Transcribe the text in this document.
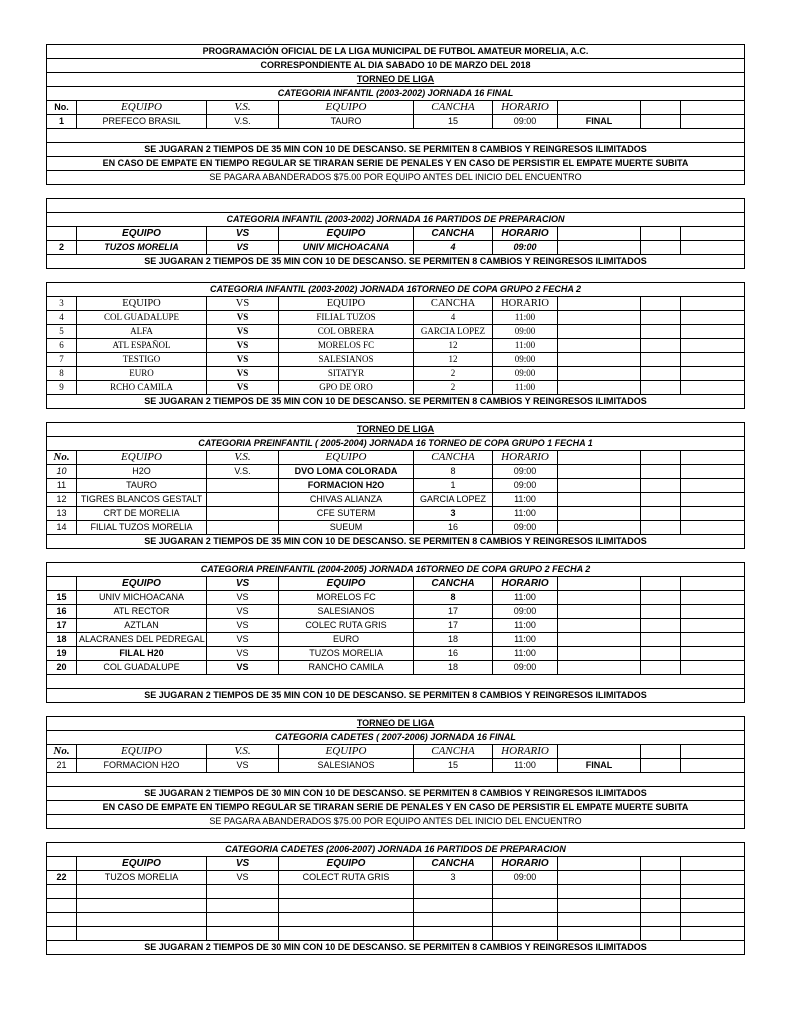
PROGRAMACIÓN OFICIAL DE LA LIGA MUNICIPAL DE FUTBOL AMATEUR MORELIA, A.C.								
CORRESPONDIENTE AL DIA SABADO 10 DE MARZO DEL 2018								
TORNEO DE LIGA								
CATEGORIA INFANTIL (2003-2002) JORNADA 16 FINAL								
No.	EQUIPO	V.S.	EQUIPO	CANCHA	HORARIO			
1	PREFECO BRASIL	V.S.	TAURO	15	09:00	FINAL		

SE JUGARAN 2 TIEMPOS DE 35 MIN CON 10 DE DESCANSO. SE PERMITEN 8 CAMBIOS Y REINGRESOS ILIMITADOS								
EN CASO DE EMPATE EN TIEMPO REGULAR SE TIRARAN SERIE DE PENALES Y EN CASO DE PERSISTIR EL EMPATE MUERTE SUBITA								
SE PAGARA ABANDERADOS $75.00 POR EQUIPO ANTES DEL INICIO DEL ENCUENTRO								

CATEGORIA INFANTIL (2003-2002) JORNADA 16 PARTIDOS DE PREPARACION								
	EQUIPO	VS	EQUIPO	CANCHA	HORARIO			
2	TUZOS MORELIA	VS	UNIV MICHOACANA	4	09:00			
SE JUGARAN 2 TIEMPOS DE 35 MIN CON 10 DE DESCANSO. SE PERMITEN 8 CAMBIOS Y REINGRESOS ILIMITADOS								

CATEGORIA INFANTIL (2003-2002) JORNADA 16TORNEO DE COPA GRUPO 2 FECHA 2								
3	EQUIPO	VS	EQUIPO	CANCHA	HORARIO			
4	COL GUADALUPE	VS	FILIAL TUZOS	4	11:00			
5	ALFA	VS	COL OBRERA	GARCIA LOPEZ	09:00			
6	ATL ESPAÑOL	VS	MORELOS FC	12	11:00			
7	TESTIGO	VS	SALESIANOS	12	09:00			
8	EURO	VS	SITATYR	2	09:00			
9	RCHO CAMILA	VS	GPO DE ORO	2	11:00			
SE JUGARAN 2 TIEMPOS DE 35 MIN CON 10 DE DESCANSO. SE PERMITEN 8 CAMBIOS Y REINGRESOS ILIMITADOS								

TORNEO DE LIGA								
CATEGORIA PREINFANTIL ( 2005-2004) JORNADA 16 TORNEO DE COPA GRUPO 1 FECHA 1								
No.	EQUIPO	V.S.	EQUIPO	CANCHA	HORARIO			
10	H2O	V.S.	DVO LOMA COLORADA	8	09:00			
11	TAURO		FORMACION H2O	1	09:00			
12	TIGRES BLANCOS GESTALT		CHIVAS ALIANZA	GARCIA LOPEZ	11:00			
13	CRT DE MORELIA		CFE SUTERM	3	11:00			
14	FILIAL TUZOS MORELIA		SUEUM	16	09:00			
SE JUGARAN 2 TIEMPOS DE 35 MIN CON 10 DE DESCANSO. SE PERMITEN 8 CAMBIOS Y REINGRESOS ILIMITADOS								

CATEGORIA PREINFANTIL (2004-2005) JORNADA 16TORNEO DE COPA GRUPO 2 FECHA 2								
	EQUIPO	VS	EQUIPO	CANCHA	HORARIO			
15	UNIV MICHOACANA	VS	MORELOS FC	8	11:00			
16	ATL RECTOR	VS	SALESIANOS	17	09:00			
17	AZTLAN	VS	COLEC RUTA GRIS	17	11:00			
18	ALACRANES DEL PEDREGAL	VS	EURO	18	11:00			
19	FILAL H20	VS	TUZOS MORELIA	16	11:00			
20	COL GUADALUPE	VS	RANCHO CAMILA	18	09:00			

SE JUGARAN 2 TIEMPOS DE 35 MIN CON 10 DE DESCANSO. SE PERMITEN 8 CAMBIOS Y REINGRESOS ILIMITADOS								

TORNEO DE LIGA								
CATEGORIA CADETES ( 2007-2006) JORNADA 16 FINAL								
No.	EQUIPO	V.S.	EQUIPO	CANCHA	HORARIO			
21	FORMACION H2O	VS	SALESIANOS	15	11:00	FINAL		

SE JUGARAN 2 TIEMPOS DE 30 MIN CON 10 DE DESCANSO. SE PERMITEN 8 CAMBIOS Y REINGRESOS ILIMITADOS								
EN CASO DE EMPATE EN TIEMPO REGULAR SE TIRARAN SERIE DE PENALES Y EN CASO DE PERSISTIR EL EMPATE MUERTE SUBITA								
SE PAGARA ABANDERADOS $75.00 POR EQUIPO ANTES DEL INICIO DEL ENCUENTRO								

CATEGORIA CADETES (2006-2007) JORNADA 16 PARTIDOS DE PREPARACION								
	EQUIPO	VS	EQUIPO	CANCHA	HORARIO			
22	TUZOS MORELIA	VS	COLECT RUTA GRIS	3	09:00			

SE JUGARAN 2 TIEMPOS DE 30 MIN CON 10 DE DESCANSO. SE PERMITEN 8 CAMBIOS Y REINGRESOS ILIMITADOS								
